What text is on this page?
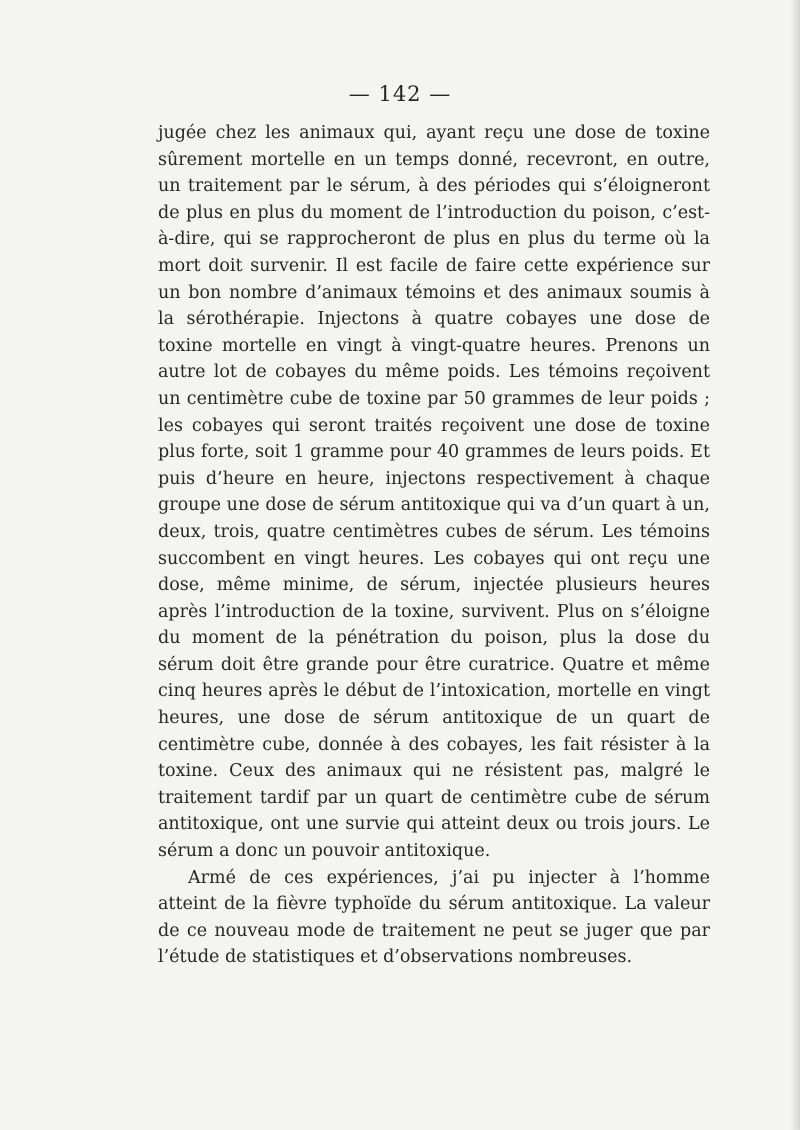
— 142 —

jugée chez les animaux qui, ayant reçu une dose de toxine sûrement mortelle en un temps donné, recevront, en outre, un traitement par le sérum, à des périodes qui s’éloigneront de plus en plus du moment de l’introduction du poison, c’est-à-dire, qui se rapprocheront de plus en plus du terme où la mort doit survenir. Il est facile de faire cette expérience sur un bon nombre d’animaux témoins et des animaux soumis à la sérothérapie. Injectons à quatre cobayes une dose de toxine mortelle en vingt à vingt-quatre heures. Prenons un autre lot de cobayes du même poids. Les témoins reçoivent un centimètre cube de toxine par 50 grammes de leur poids ; les cobayes qui seront traités reçoivent une dose de toxine plus forte, soit 1 gramme pour 40 grammes de leurs poids. Et puis d’heure en heure, injectons respectivement à chaque groupe une dose de sérum antitoxique qui va d’un quart à un, deux, trois, quatre centimètres cubes de sérum. Les témoins succombent en vingt heures. Les cobayes qui ont reçu une dose, même minime, de sérum, injectée plusieurs heures après l’introduction de la toxine, survivent. Plus on s’éloigne du moment de la pénétration du poison, plus la dose du sérum doit être grande pour être curatrice. Quatre et même cinq heures après le début de l’intoxication, mortelle en vingt heures, une dose de sérum antitoxique de un quart de centimètre cube, donnée à des cobayes, les fait résister à la toxine. Ceux des animaux qui ne résistent pas, malgré le traitement tardif par un quart de centimètre cube de sérum antitoxique, ont une survie qui atteint deux ou trois jours. Le sérum a donc un pouvoir antitoxique.

Armé de ces expériences, j’ai pu injecter à l’homme atteint de la fièvre typhoïde du sérum antitoxique. La valeur de ce nouveau mode de traitement ne peut se juger que par l’étude de statistiques et d’observations nombreuses.
